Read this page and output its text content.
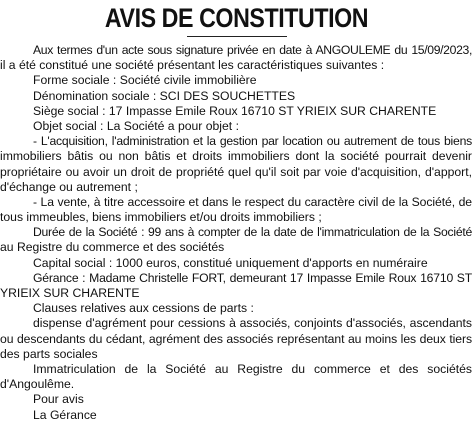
AVIS DE CONSTITUTION
Aux termes d'un acte sous signature privée en date à ANGOULEME du 15/09/2023,
il a été constitué une société présentant les caractéristiques suivantes :
Forme sociale : Société civile immobilière
Dénomination sociale : SCI DES SOUCHETTES
Siège social : 17 Impasse Emile Roux 16710 ST YRIEIX SUR CHARENTE
Objet social : La Société a pour objet :
- L'acquisition, l'administration et la gestion par location ou autrement de tous biens
immobiliers bâtis ou non bâtis et droits immobiliers dont la société pourrait devenir
propriétaire ou avoir un droit de propriété quel qu'il soit par voie d'acquisition, d'apport,
d'échange ou autrement ;
- La vente, à titre accessoire et dans le respect du caractère civil de la Société, de
tous immeubles, biens immobiliers et/ou droits immobiliers ;
Durée de la Société : 99 ans à compter de la date de l'immatriculation de la Société
au Registre du commerce et des sociétés
Capital social : 1000 euros, constitué uniquement d'apports en numéraire
Gérance : Madame Christelle FORT, demeurant 17 Impasse Emile Roux 16710 ST
YRIEIX SUR CHARENTE
Clauses relatives aux cessions de parts :
dispense d'agrément pour cessions à associés, conjoints d'associés, ascendants
ou descendants du cédant, agrément des associés représentant au moins les deux tiers
des parts sociales
Immatriculation de la Société au Registre du commerce et des sociétés
d'Angoulême.
Pour avis
La Gérance
